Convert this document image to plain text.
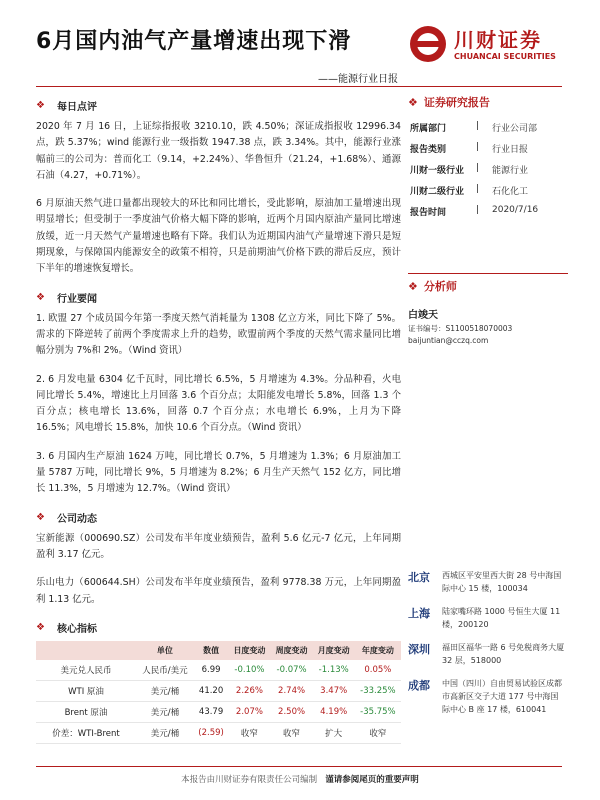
6月国内油气产量增速出现下滑	川财证券
CHUANCAI SECURITIES
——能源行业日报
❖ 每日点评

2020 年 7 月 16 日，上证综指报收 3210.10，跌 4.50%；深证成指报收 12996.34 点，跌 5.37%；wind 能源行业一级指数 1947.38 点，跌 3.34%。其中，能源行业涨幅前三的公司为：普而化工（9.14，+2.24%）、华鲁恒升（21.24，+1.68%）、通源石油（4.27，+0.71%）。

6 月原油天然气进口量都出现较大的环比和同比增长，受此影响，原油加工量增速出现明显增长；但受制于一季度油气价格大幅下降的影响，近两个月国内原油产量同比增速放缓，近一月天然气产量增速也略有下降。我们认为近期国内油气产量增速下滑只是短期现象，与保障国内能源安全的政策不相符，只是前期油气价格下跌的滞后反应，预计下半年的增速恢复增长。

❖ 行业要闻

1. 欧盟 27 个成员国今年第一季度天然气消耗量为 1308 亿立方米，同比下降了 5%。需求的下降逆转了前两个季度需求上升的趋势，欧盟前两个季度的天然气需求量同比增幅分别为 7%和 2%。（Wind 资讯）

2. 6 月发电量 6304 亿千瓦时，同比增长 6.5%，5 月增速为 4.3%。分品种看，火电同比增长 5.4%，增速比上月回落 3.6 个百分点；太阳能发电增长 5.8%，回落 1.3 个百分点；核电增长 13.6%，回落 0.7 个百分点；水电增长 6.9%，上月为下降 16.5%；风电增长 15.8%，加快 10.6 个百分点。（Wind 资讯）

3. 6 月国内生产原油 1624 万吨，同比增长 0.7%，5 月增速为 1.3%；6 月原油加工量 5787 万吨，同比增长 9%，5 月增速为 8.2%；6 月生产天然气 152 亿方，同比增长 11.3%，5 月增速为 12.7%。（Wind 资讯）

❖ 公司动态

宝新能源（000690.SZ）公司发布半年度业绩预告，盈利 5.6 亿元-7 亿元，上年同期盈利 3.17 亿元。

乐山电力（600644.SH）公司发布半年度业绩预告，盈利 9778.38 万元，上年同期盈利 1.13 亿元。

❖ 核心指标
	单位	数值	日度变动	周度变动	月度变动	年度变动
美元兑人民币	人民币/美元	6.99	-0.10%	-0.07%	-1.13%	0.05%
WTI 原油	美元/桶	41.20	2.26%	2.74%	3.47%	-33.25%
Brent 原油	美元/桶	43.79	2.07%	2.50%	4.19%	-35.75%
价差：WTI-Brent	美元/桶	(2.59)	收窄	收窄	扩大	收窄
❖ 证券研究报告
所属部门	|	行业公司部
报告类别	|	行业日报
川财一级行业	|	能源行业
川财二级行业	|	石化化工
报告时间	|	2020/7/16
❖ 分析师
白竣天
证书编号：S1100518070003
baijuntian@cczq.com
北京	西城区平安里西大街 28 号中海国际中心 15 楼，100034
上海	陆家嘴环路 1000 号恒生大厦 11 楼，200120
深圳	福田区福华一路 6 号免税商务大厦 32 层，518000
成都	中国（四川）自由贸易试验区成都市高新区交子大道 177 号中海国际中心 B 座 17 楼，610041
本报告由川财证券有限责任公司编制 谨请参阅尾页的重要声明
